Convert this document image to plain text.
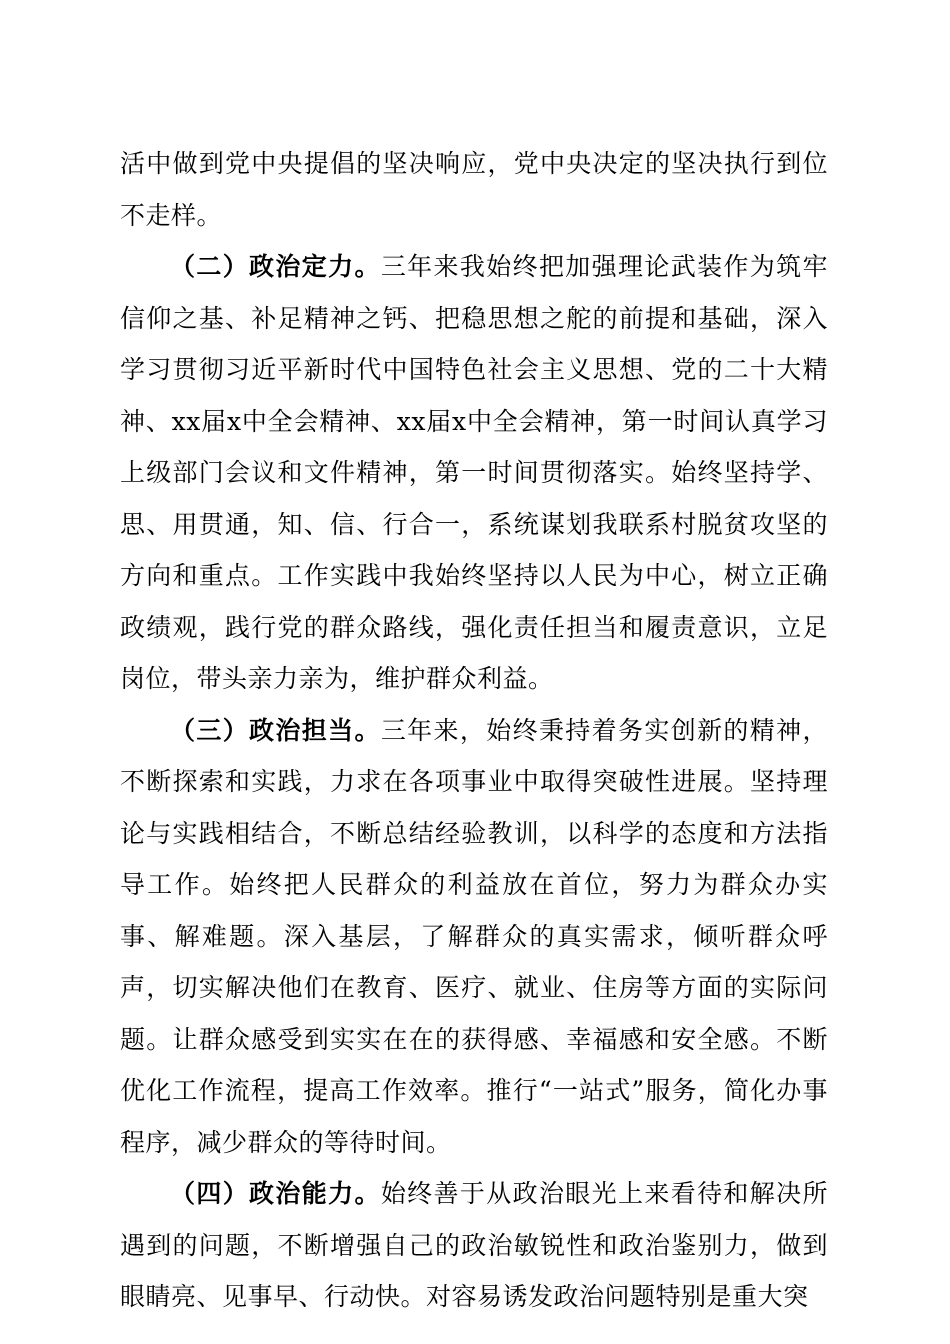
活中做到党中央提倡的坚决响应，党中央决定的坚决执行到位不走样。

（二）政治定力。三年来我始终把加强理论武装作为筑牢信仰之基、补足精神之钙、把稳思想之舵的前提和基础，深入学习贯彻习近平新时代中国特色社会主义思想、党的二十大精神、xx届x中全会精神、xx届x中全会精神，第一时间认真学习上级部门会议和文件精神，第一时间贯彻落实。始终坚持学、思、用贯通，知、信、行合一，系统谋划我联系村脱贫攻坚的方向和重点。工作实践中我始终坚持以人民为中心，树立正确政绩观，践行党的群众路线，强化责任担当和履责意识，立足岗位，带头亲力亲为，维护群众利益。

（三）政治担当。三年来，始终秉持着务实创新的精神，不断探索和实践，力求在各项事业中取得突破性进展。坚持理论与实践相结合，不断总结经验教训，以科学的态度和方法指导工作。始终把人民群众的利益放在首位，努力为群众办实事、解难题。深入基层，了解群众的真实需求，倾听群众呼声，切实解决他们在教育、医疗、就业、住房等方面的实际问题。让群众感受到实实在在的获得感、幸福感和安全感。不断优化工作流程，提高工作效率。推行“一站式”服务，简化办事程序，减少群众的等待时间。

（四）政治能力。始终善于从政治眼光上来看待和解决所遇到的问题，不断增强自己的政治敏锐性和政治鉴别力，做到眼睛亮、见事早、行动快。对容易诱发政治问题特别是重大突
